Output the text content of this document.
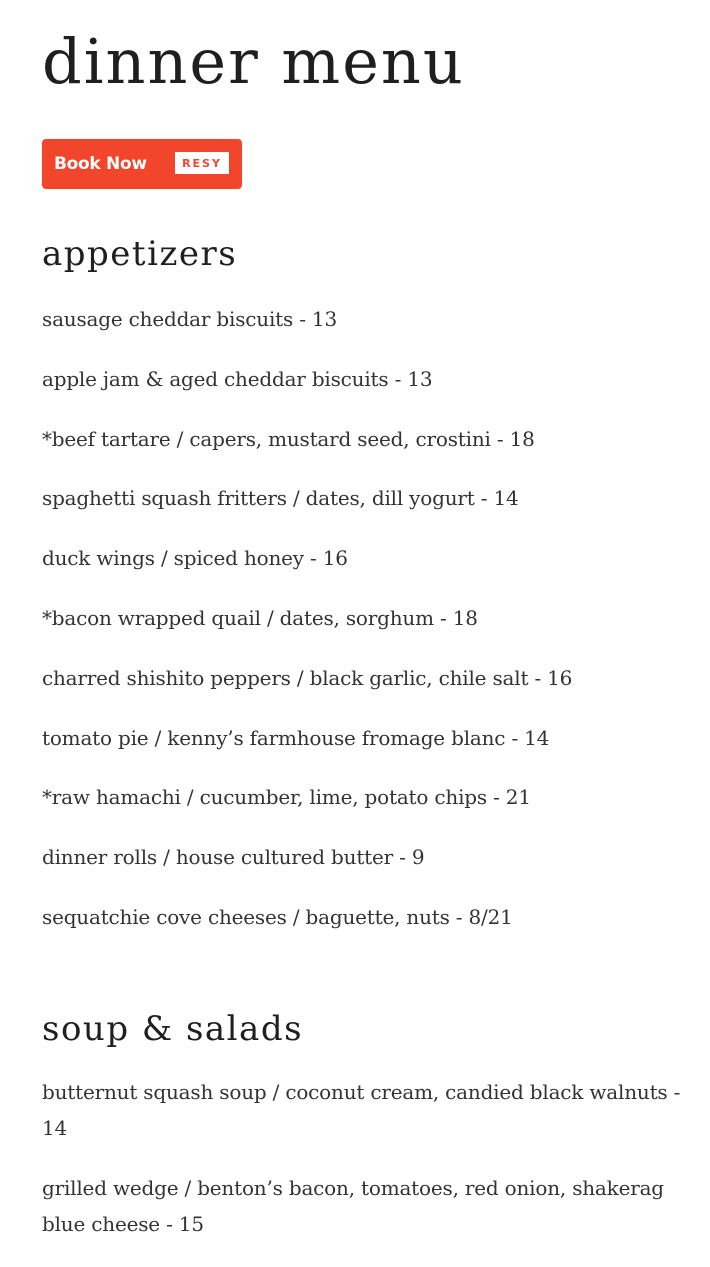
dinner menu
Book Now	RESY
appetizers
sausage cheddar biscuits - 13
apple jam & aged cheddar biscuits - 13
*beef tartare / capers, mustard seed, crostini - 18
spaghetti squash fritters / dates, dill yogurt - 14
duck wings / spiced honey - 16
*bacon wrapped quail / dates, sorghum - 18
charred shishito peppers / black garlic, chile salt - 16
tomato pie / kenny’s farmhouse fromage blanc - 14
*raw hamachi / cucumber, lime, potato chips - 21
dinner rolls / house cultured butter - 9
sequatchie cove cheeses / baguette, nuts - 8/21
soup & salads
butternut squash soup / coconut cream, candied black walnuts - 14
grilled wedge / benton’s bacon, tomatoes, red onion, shakerag blue cheese - 15
